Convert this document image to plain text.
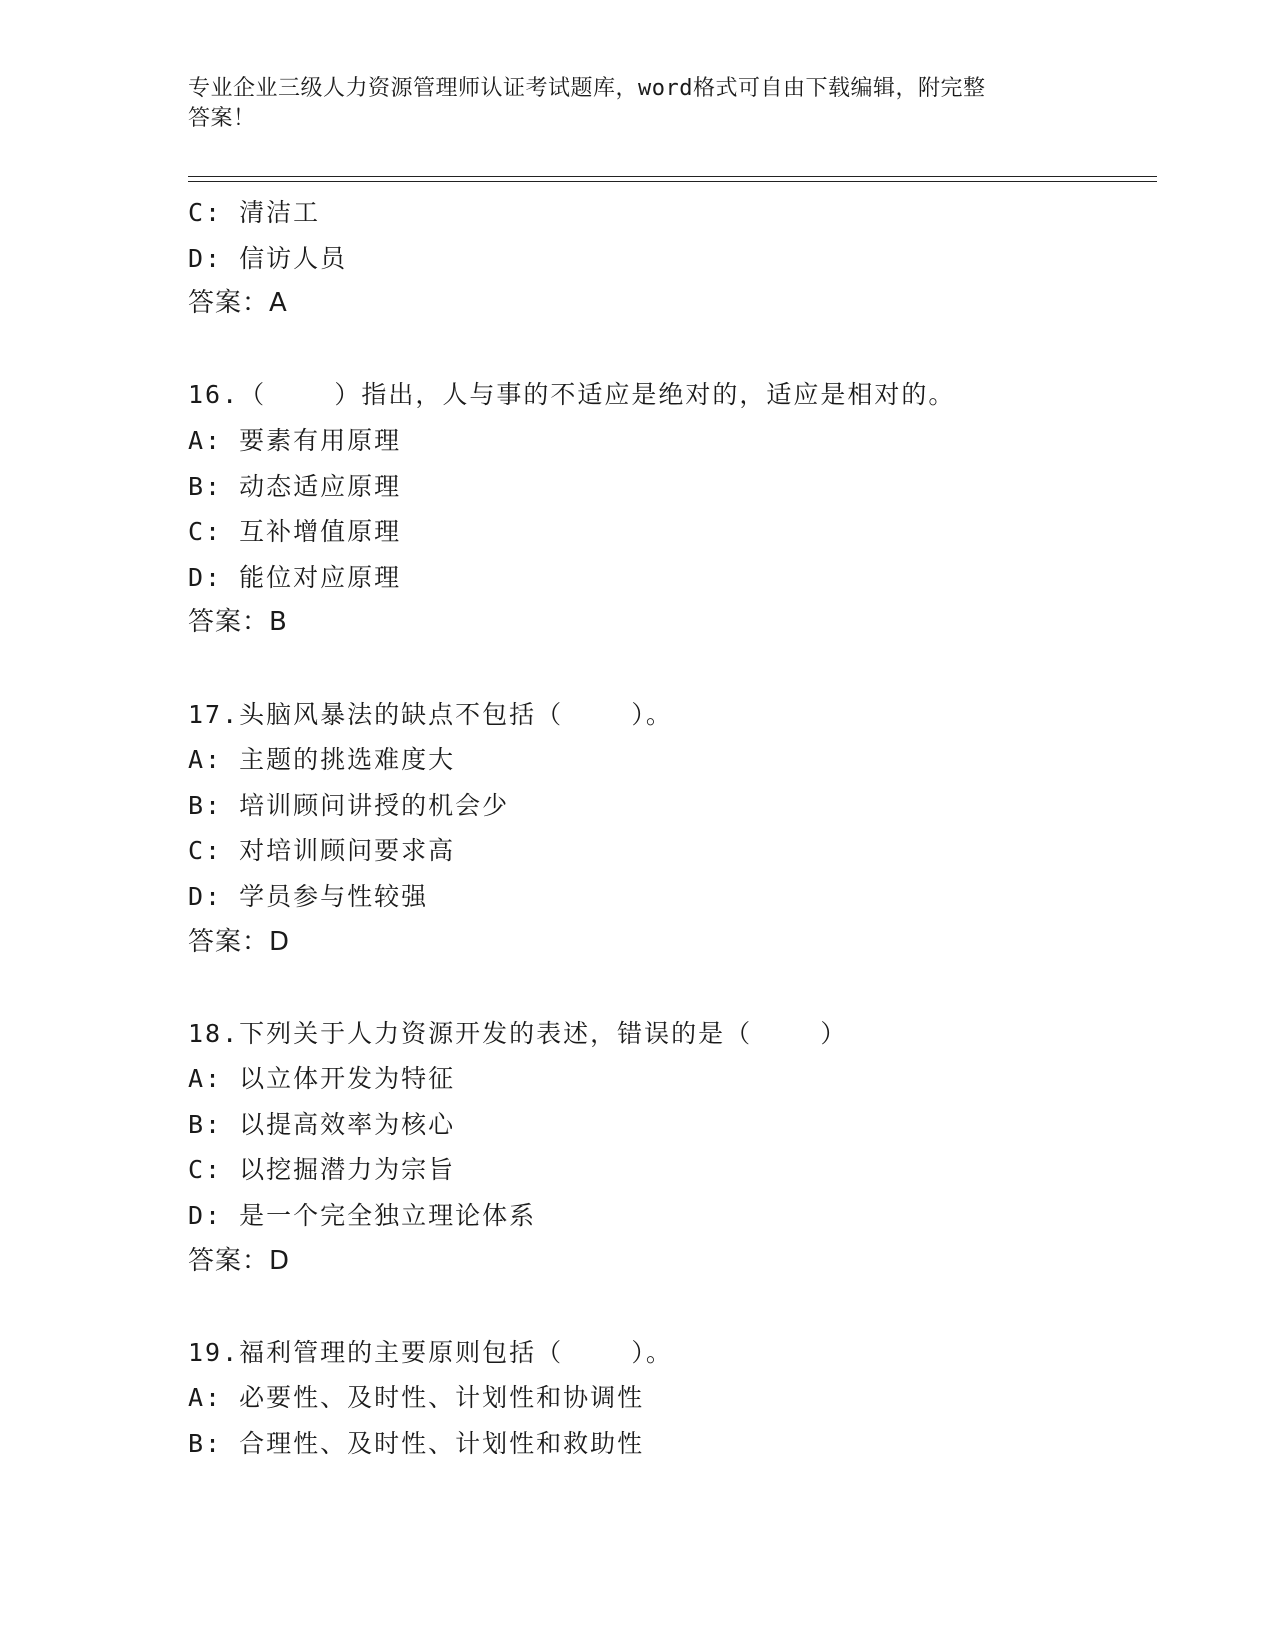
专业企业三级人力资源管理师认证考试题库，word格式可自由下载编辑，附完整
答案！
C: 清洁工
D: 信访人员
答案：A
16.（    ）指出，人与事的不适应是绝对的，适应是相对的。
A: 要素有用原理
B: 动态适应原理
C: 互补增值原理
D: 能位对应原理
答案：B
17.头脑风暴法的缺点不包括（    ）。
A: 主题的挑选难度大
B: 培训顾问讲授的机会少
C: 对培训顾问要求高
D: 学员参与性较强
答案：D
18.下列关于人力资源开发的表述，错误的是（    ）
A: 以立体开发为特征
B: 以提高效率为核心
C: 以挖掘潜力为宗旨
D: 是一个完全独立理论体系
答案：D
19.福利管理的主要原则包括（    ）。
A: 必要性、及时性、计划性和协调性
B: 合理性、及时性、计划性和救助性
